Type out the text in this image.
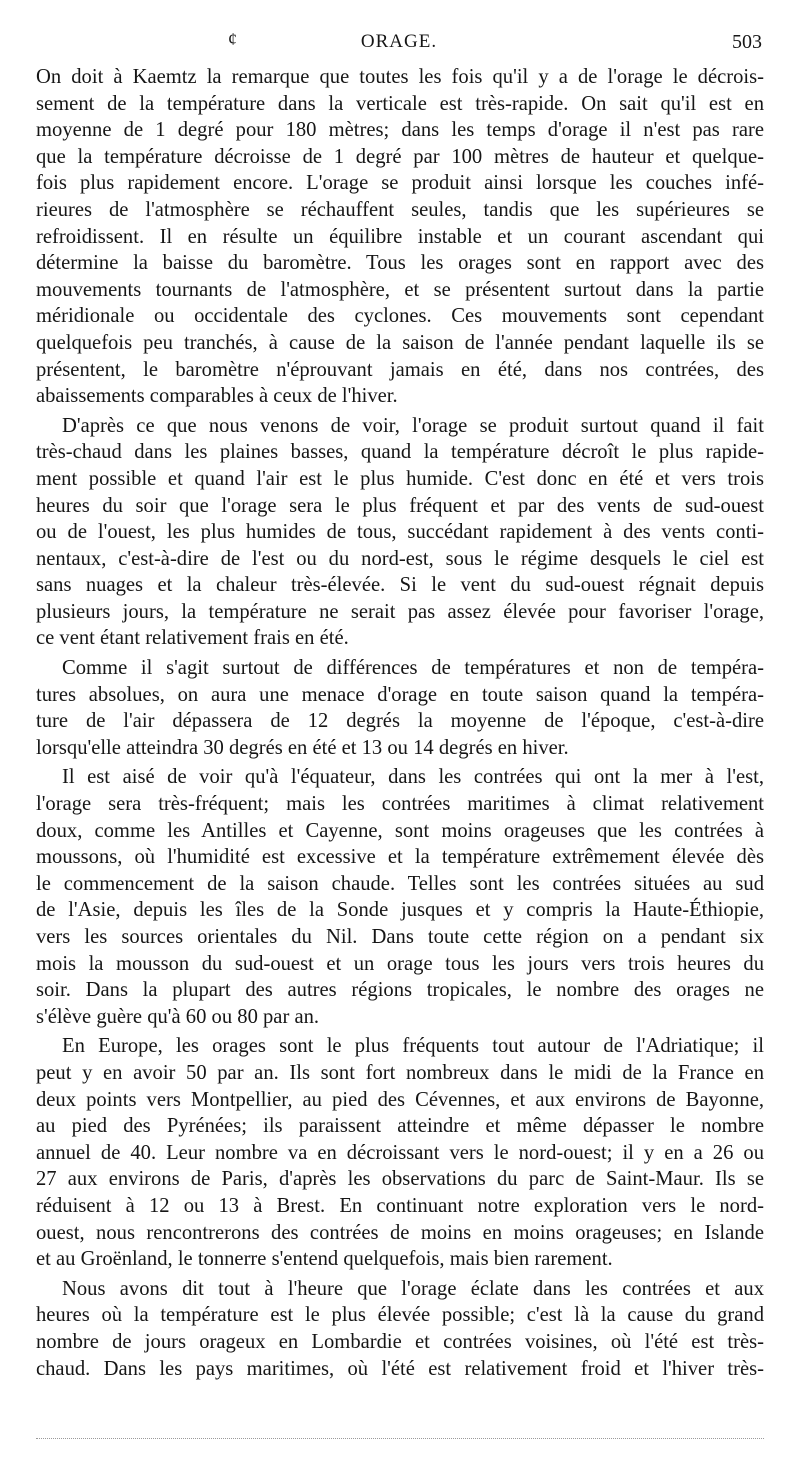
¢	ORAGE.	503
On doit à Kaemtz la remarque que toutes les fois qu'il y a de l'orage le décrois-
sement de la température dans la verticale est très-rapide. On sait qu'il est en
moyenne de 1 degré pour 180 mètres; dans les temps d'orage il n'est pas rare
que la température décroisse de 1 degré par 100 mètres de hauteur et quelque-
fois plus rapidement encore. L'orage se produit ainsi lorsque les couches infé-
rieures de l'atmosphère se réchauffent seules, tandis que les supérieures se
refroidissent. Il en résulte un équilibre instable et un courant ascendant qui
détermine la baisse du baromètre. Tous les orages sont en rapport avec des
mouvements tournants de l'atmosphère, et se présentent surtout dans la partie
méridionale ou occidentale des cyclones. Ces mouvements sont cependant
quelquefois peu tranchés, à cause de la saison de l'année pendant laquelle ils se
présentent, le baromètre n'éprouvant jamais en été, dans nos contrées, des
abaissements comparables à ceux de l'hiver.
D'après ce que nous venons de voir, l'orage se produit surtout quand il fait
très-chaud dans les plaines basses, quand la température décroît le plus rapide-
ment possible et quand l'air est le plus humide. C'est donc en été et vers trois
heures du soir que l'orage sera le plus fréquent et par des vents de sud-ouest
ou de l'ouest, les plus humides de tous, succédant rapidement à des vents conti-
nentaux, c'est-à-dire de l'est ou du nord-est, sous le régime desquels le ciel est
sans nuages et la chaleur très-élevée. Si le vent du sud-ouest régnait depuis
plusieurs jours, la température ne serait pas assez élevée pour favoriser l'orage,
ce vent étant relativement frais en été.
Comme il s'agit surtout de différences de températures et non de tempéra-
tures absolues, on aura une menace d'orage en toute saison quand la tempéra-
ture de l'air dépassera de 12 degrés la moyenne de l'époque, c'est-à-dire
lorsqu'elle atteindra 30 degrés en été et 13 ou 14 degrés en hiver.
Il est aisé de voir qu'à l'équateur, dans les contrées qui ont la mer à l'est,
l'orage sera très-fréquent; mais les contrées maritimes à climat relativement
doux, comme les Antilles et Cayenne, sont moins orageuses que les contrées à
moussons, où l'humidité est excessive et la température extrêmement élevée dès
le commencement de la saison chaude. Telles sont les contrées situées au sud
de l'Asie, depuis les îles de la Sonde jusques et y compris la Haute-Éthiopie,
vers les sources orientales du Nil. Dans toute cette région on a pendant six
mois la mousson du sud-ouest et un orage tous les jours vers trois heures du
soir. Dans la plupart des autres régions tropicales, le nombre des orages ne
s'élève guère qu'à 60 ou 80 par an.
En Europe, les orages sont le plus fréquents tout autour de l'Adriatique; il
peut y en avoir 50 par an. Ils sont fort nombreux dans le midi de la France en
deux points vers Montpellier, au pied des Cévennes, et aux environs de Bayonne,
au pied des Pyrénées; ils paraissent atteindre et même dépasser le nombre
annuel de 40. Leur nombre va en décroissant vers le nord-ouest; il y en a 26 ou
27 aux environs de Paris, d'après les observations du parc de Saint-Maur. Ils se
réduisent à 12 ou 13 à Brest. En continuant notre exploration vers le nord-
ouest, nous rencontrerons des contrées de moins en moins orageuses; en Islande
et au Groënland, le tonnerre s'entend quelquefois, mais bien rarement.
Nous avons dit tout à l'heure que l'orage éclate dans les contrées et aux
heures où la température est le plus élevée possible; c'est là la cause du grand
nombre de jours orageux en Lombardie et contrées voisines, où l'été est très-
chaud. Dans les pays maritimes, où l'été est relativement froid et l'hiver très-
